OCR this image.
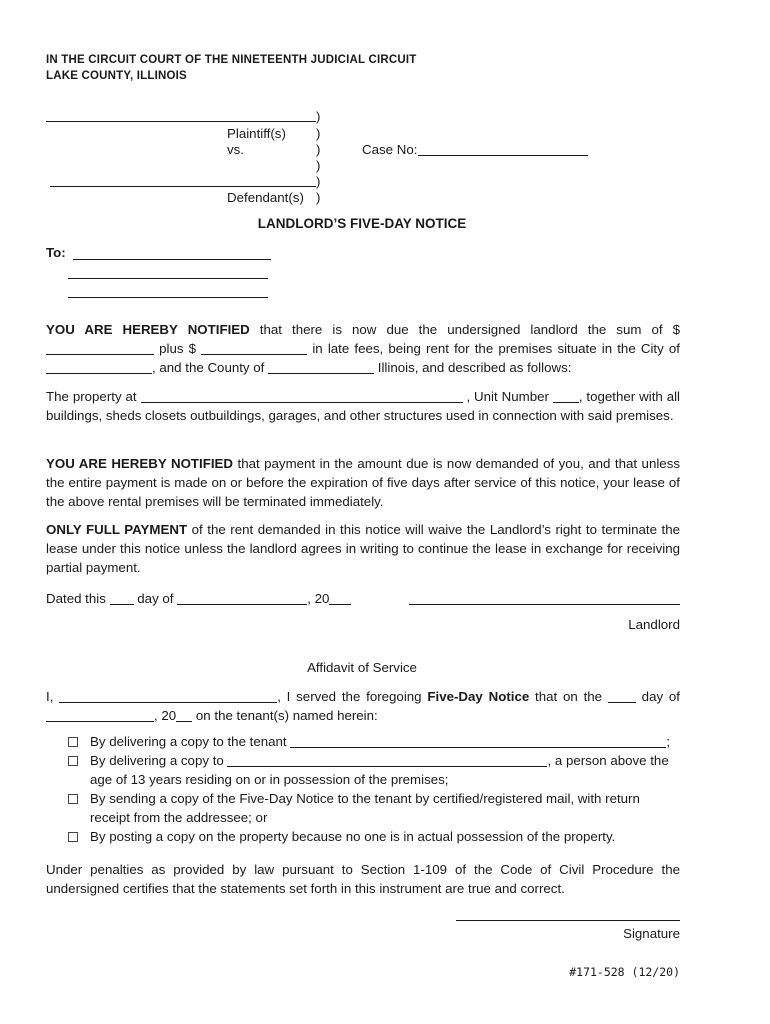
IN THE CIRCUIT COURT OF THE NINETEENTH JUDICIAL CIRCUIT
LAKE COUNTY, ILLINOIS
)
Plaintiff(s) )
vs.	)	Case No:
)
)
Defendant(s) )
LANDLORD’S FIVE-DAY NOTICE
To:
YOU ARE HEREBY NOTIFIED that there is now due the undersigned landlord the sum of $  plus $	in late fees, being rent for the premises situate in the City of , and the County of	Illinois, and described as follows:
The property at	, Unit Number , together with all buildings, sheds closets outbuildings, garages, and other structures used in connection with said premises.
YOU ARE HEREBY NOTIFIED that payment in the amount due is now demanded of you, and that unless the entire payment is made on or before the expiration of five days after service of this notice, your lease of the above rental premises will be terminated immediately.
ONLY FULL PAYMENT of the rent demanded in this notice will waive the Landlord’s right to terminate the lease under this notice unless the landlord agrees in writing to continue the lease in exchange for receiving partial payment.
Dated this day of	, 20
Landlord
Affidavit of Service
I,	, I served the foregoing Five-Day Notice that on the	day of , 20 on the tenant(s) named herein:
By delivering a copy to the tenant	;
By delivering a copy to	, a person above the age of 13 years residing on or in possession of the premises;
By sending a copy of the Five-Day Notice to the tenant by certified/registered mail, with return receipt from the addressee; or
By posting a copy on the property because no one is in actual possession of the property.
Under penalties as provided by law pursuant to Section 1-109 of the Code of Civil Procedure the undersigned certifies that the statements set forth in this instrument are true and correct.
Signature
#171-528 (12/20)
